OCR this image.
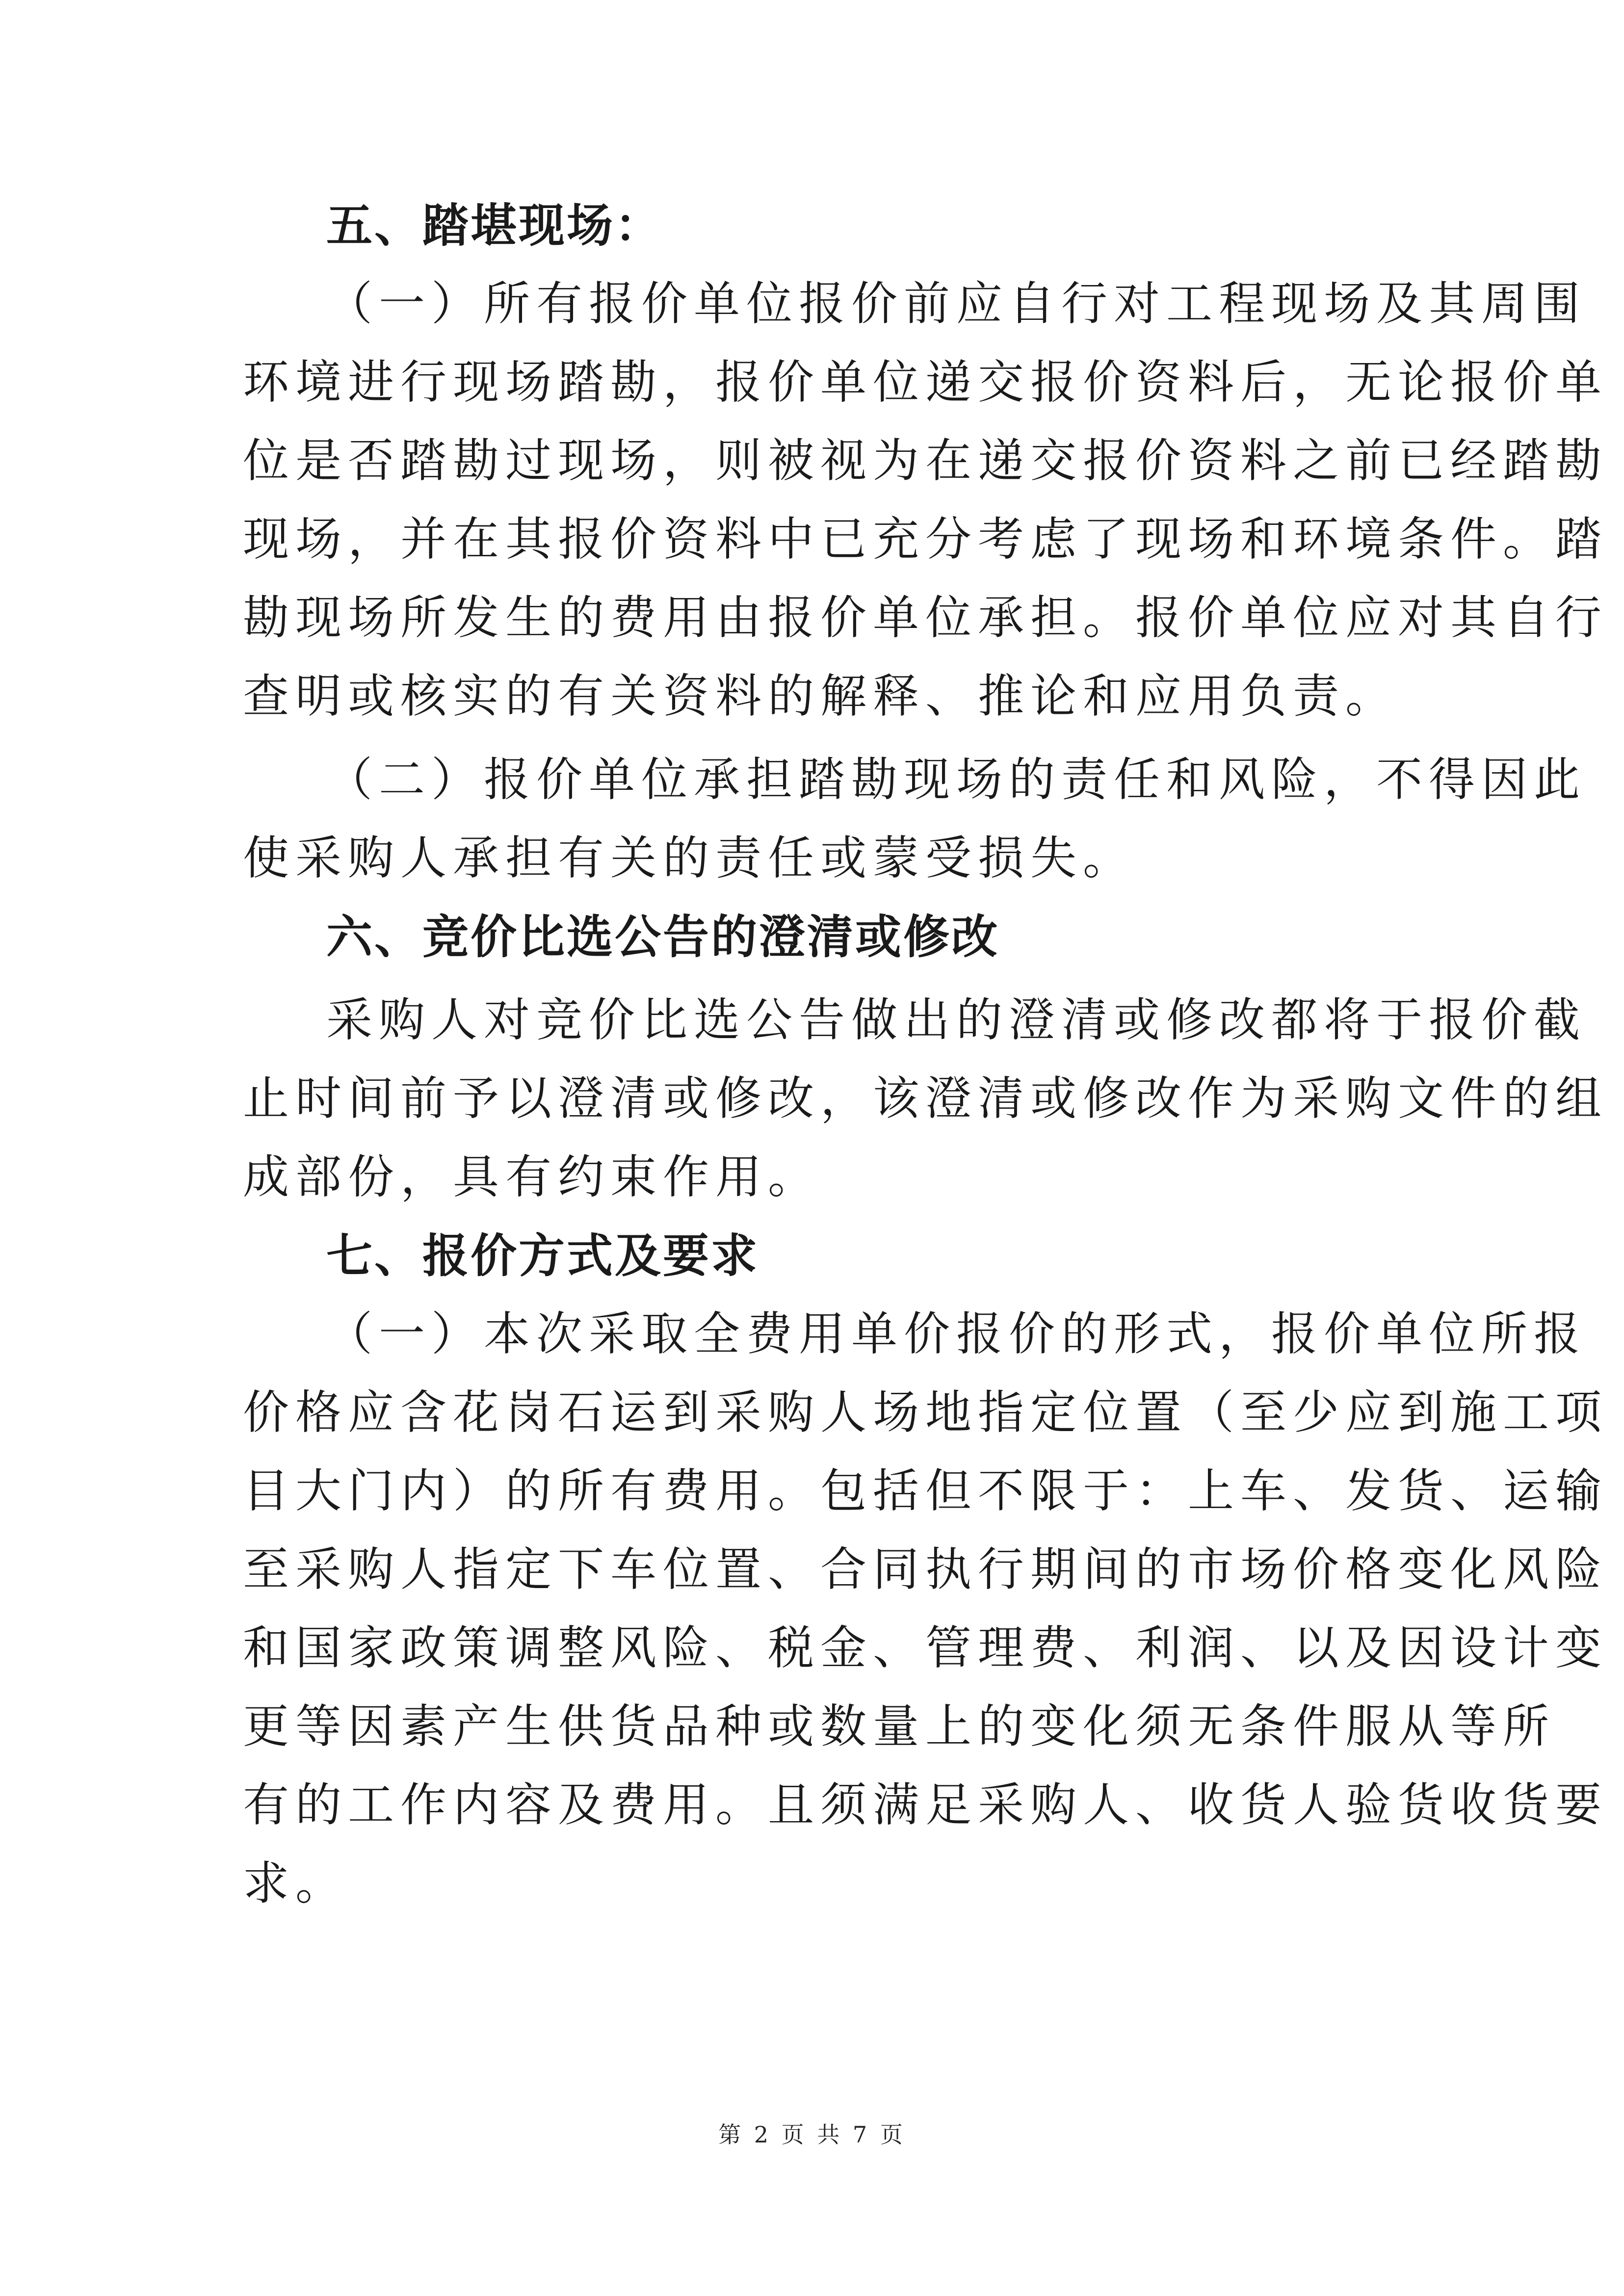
五、踏堪现场：
（一）所有报价单位报价前应自行对工程现场及其周围
环境进行现场踏勘，报价单位递交报价资料后，无论报价单
位是否踏勘过现场，则被视为在递交报价资料之前已经踏勘
现场，并在其报价资料中已充分考虑了现场和环境条件。踏
勘现场所发生的费用由报价单位承担。报价单位应对其自行
查明或核实的有关资料的解释、推论和应用负责。
（二）报价单位承担踏勘现场的责任和风险，不得因此
使采购人承担有关的责任或蒙受损失。
六、竞价比选公告的澄清或修改
采购人对竞价比选公告做出的澄清或修改都将于报价截
止时间前予以澄清或修改，该澄清或修改作为采购文件的组
成部份，具有约束作用。
七、报价方式及要求
（一）本次采取全费用单价报价的形式，报价单位所报
价格应含花岗石运到采购人场地指定位置（至少应到施工项
目大门内）的所有费用。包括但不限于：上车、发货、运输
至采购人指定下车位置、合同执行期间的市场价格变化风险
和国家政策调整风险、税金、管理费、利润、以及因设计变
更等因素产生供货品种或数量上的变化须无条件服从等所
有的工作内容及费用。且须满足采购人、收货人验货收货要
求。
第 2 页 共 7 页
